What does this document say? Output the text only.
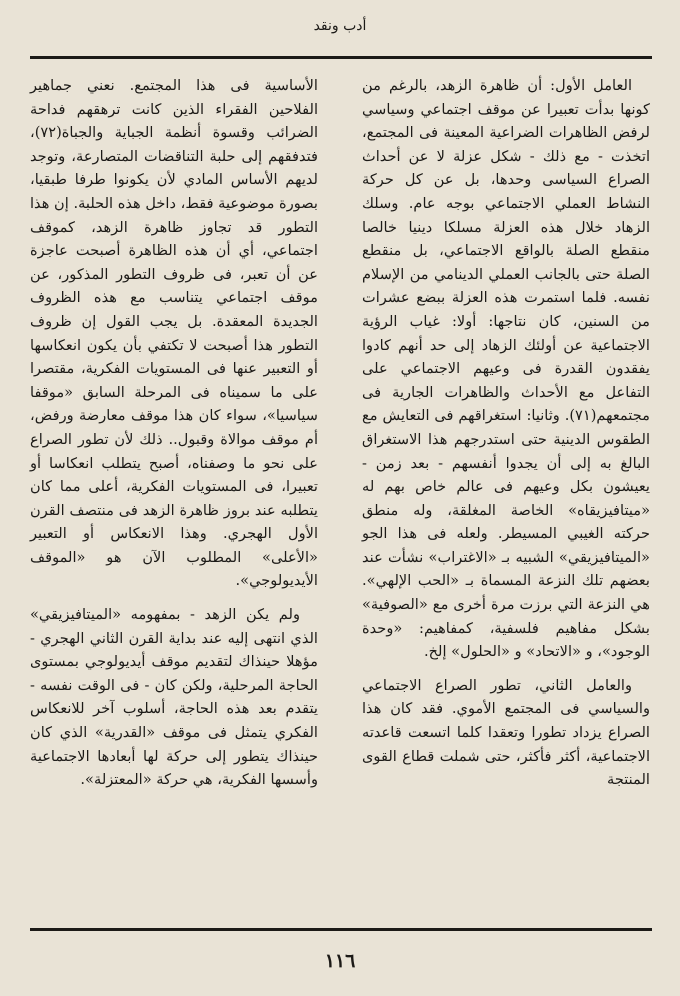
أدب ونقد

العامل الأول: أن ظاهرة الزهد، بالرغم من كونها بدأت تعبيرا عن موقف اجتماعي وسياسي لرفض الظاهرات الضراعية المعينة فى المجتمع، اتخذت - مع ذلك - شكل عزلة لا عن أحداث الصراع السياسى وحدها، بل عن كل حركة النشاط العملي الاجتماعي بوجه عام. وسلك الزهاد خلال هذه العزلة مسلكا دينيا خالصا منقطع الصلة بالواقع الاجتماعي، بل منقطع الصلة حتى بالجانب العملي الدينامي من الإسلام نفسه. فلما استمرت هذه العزلة ببضع عشرات من السنين، كان نتاجها: أولا: غياب الرؤية الاجتماعية عن أولئك الزهاد إلى حد أنهم كادوا يفقدون القدرة فى وعيهم الاجتماعي على التفاعل مع الأحداث والظاهرات الجارية فى مجتمعهم(٧١). وثانيا: استغراقهم فى التعايش مع الطقوس الدينية حتى استدرجهم هذا الاستغراق البالغ به إلى أن يجدوا أنفسهم - بعد زمن - يعيشون بكل وعيهم فى عالم خاص بهم له «ميتافيزيقاه» الخاصة المغلقة، وله منطق حركته الغيبي المسيطر. ولعله فى هذا الجو «الميتافيزيقي» الشبيه بـ «الاغتراب» نشأت عند بعضهم تلك النزعة المسماة بـ «الحب الإلهي». هي النزعة التي برزت مرة أخرى مع «الصوفية» بشكل مفاهيم فلسفية، كمفاهيم: «وحدة الوجود»، و «الاتحاد» و «الحلول» إلخ.

والعامل الثاني، تطور الصراع الاجتماعي والسياسي فى المجتمع الأموي. فقد كان هذا الصراع يزداد تطورا وتعقدا كلما اتسعت قاعدته الاجتماعية، أكثر فأكثر، حتى شملت قطاع القوى المنتجة

الأساسية فى هذا المجتمع. نعني جماهير الفلاحين الفقراء الذين كانت ترهقهم فداحة الضرائب وقسوة أنظمة الجباية والجباة(٧٢)، فتدفقهم إلى حلبة التناقضات المتصارعة، وتوجد لديهم الأساس المادي لأن يكونوا طرفا طبقيا، بصورة موضوعية فقط، داخل هذه الحلبة. إن هذا التطور قد تجاوز ظاهرة الزهد، كموقف اجتماعي، أي أن هذه الظاهرة أصبحت عاجزة عن أن تعبر، فى ظروف التطور المذكور، عن موقف اجتماعي يتناسب مع هذه الظروف الجديدة المعقدة. بل يجب القول إن ظروف التطور هذا أصبحت لا تكتفي بأن يكون انعكاسها أو التعبير عنها فى المستويات الفكرية، مقتصرا على ما سميناه فى المرحلة السابق «موقفا سياسيا»، سواء كان هذا موقف معارضة ورفض، أم موقف موالاة وقبول.. ذلك لأن تطور الصراع على نحو ما وصفناه، أصبح يتطلب انعكاسا أو تعبيرا، فى المستويات الفكرية، أعلى مما كان يتطلبه عند بروز ظاهرة الزهد فى منتصف القرن الأول الهجري. وهذا الانعكاس أو التعبير «الأعلى» المطلوب الآن هو «الموقف الأيديولوجي».

ولم يكن الزهد - بمفهومه «الميتافيزيقي» الذي انتهى إليه عند بداية القرن الثاني الهجري - مؤهلا حينذاك لتقديم موقف أيديولوجي بمستوى الحاجة المرحلية، ولكن كان - فى الوقت نفسه - يتقدم بعد هذه الحاجة، أسلوب آخر للانعكاس الفكري يتمثل فى موقف «القدرية» الذي كان حينذاك يتطور إلى حركة لها أبعادها الاجتماعية وأسسها الفكرية، هي حركة «المعتزلة».

١١٦
